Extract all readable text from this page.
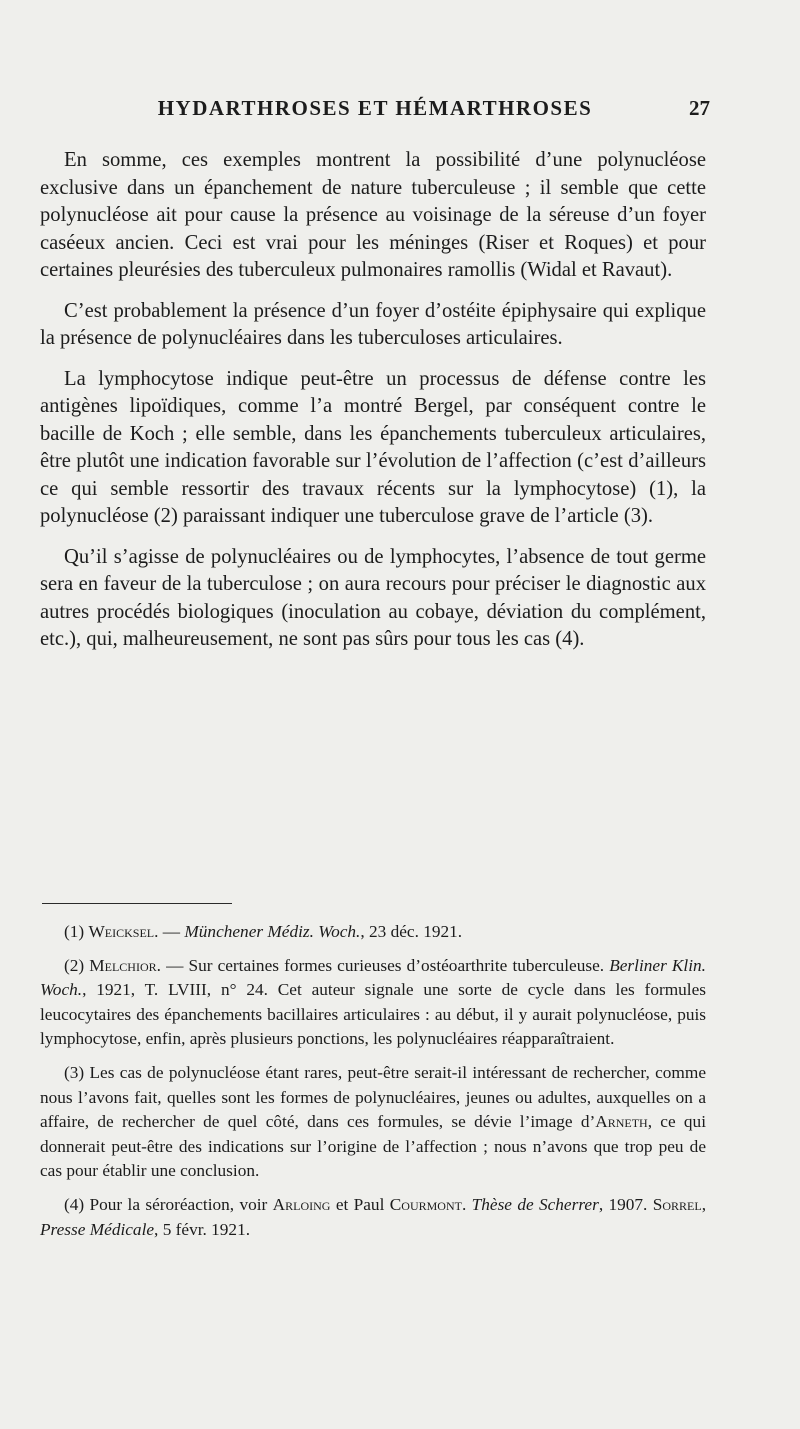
HYDARTHROSES ET HÉMARTHROSES	27

En somme, ces exemples montrent la possibilité d’une polynucléose exclusive dans un épanchement de nature tuberculeuse ; il semble que cette polynucléose ait pour cause la présence au voisinage de la séreuse d’un foyer caséeux ancien. Ceci est vrai pour les méninges (Riser et Roques) et pour certaines pleurésies des tuberculeux pulmonaires ramollis (Widal et Ravaut).

C’est probablement la présence d’un foyer d’ostéite épiphysaire qui explique la présence de polynucléaires dans les tuberculoses articulaires.

La lymphocytose indique peut-être un processus de défense contre les antigènes lipoïdiques, comme l’a montré Bergel, par conséquent contre le bacille de Koch ; elle semble, dans les épanchements tuberculeux articulaires, être plutôt une indication favorable sur l’évolution de l’affection (c’est d’ailleurs ce qui semble ressortir des travaux récents sur la lymphocytose) (1), la polynucléose (2) paraissant indiquer une tuberculose grave de l’article (3).

Qu’il s’agisse de polynucléaires ou de lymphocytes, l’absence de tout germe sera en faveur de la tuberculose ; on aura recours pour préciser le diagnostic aux autres procédés biologiques (inoculation au cobaye, déviation du complément, etc.), qui, malheureusement, ne sont pas sûrs pour tous les cas (4).

(1) Weicksel. — Münchener Médiz. Woch., 23 déc. 1921.

(2) Melchior. — Sur certaines formes curieuses d’ostéoarthrite tuberculeuse. Berliner Klin. Woch., 1921, T. LVIII, n° 24. Cet auteur signale une sorte de cycle dans les formules leucocytaires des épanchements bacillaires articulaires : au début, il y aurait polynucléose, puis lymphocytose, enfin, après plusieurs ponctions, les polynucléaires réapparaîtraient.

(3) Les cas de polynucléose étant rares, peut-être serait-il intéressant de rechercher, comme nous l’avons fait, quelles sont les formes de polynucléaires, jeunes ou adultes, auxquelles on a affaire, de rechercher de quel côté, dans ces formules, se dévie l’image d’Arneth, ce qui donnerait peut-être des indications sur l’origine de l’affection ; nous n’avons que trop peu de cas pour établir une conclusion.

(4) Pour la séroréaction, voir Arloing et Paul Courmont. Thèse de Scherrer, 1907. Sorrel, Presse Médicale, 5 févr. 1921.
